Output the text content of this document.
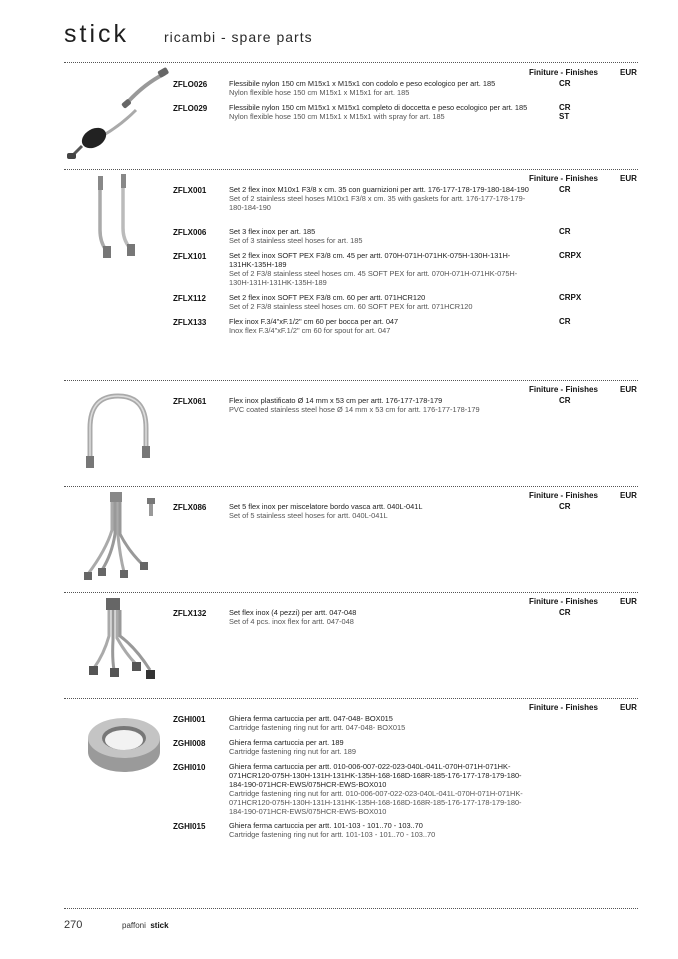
stick	ricambi - spare parts
Finiture - Finishes	EUR
ZFLO026	Flessibile nylon 150 cm M15x1 x M15x1 con codolo e peso ecologico per art. 185
Nylon flexible hose 150 cm M15x1 x M15x1 for art. 185
CR
ZFLO029	Flessibile nylon 150 cm M15x1 x M15x1 completo di doccetta e peso ecologico per art. 185
Nylon flexible hose 150 cm M15x1 x M15x1 with spray for art. 185
CR
ST
Finiture - Finishes	EUR
ZFLX001	Set 2 flex inox M10x1 F3/8 x cm. 35 con guarnizioni per artt. 176-177-178-179-180-184-190
Set of 2 stainless steel hoses M10x1 F3/8 x cm. 35 with gaskets for artt. 176-177-178-179-180-184-190
CR
ZFLX006	Set 3 flex inox per art. 185
Set of 3 stainless steel hoses for art. 185
CR
ZFLX101	Set 2 flex inox SOFT PEX F3/8 cm. 45 per artt. 070H-071H-071HK-075H-130H-131H-131HK-135H-189
Set of 2 F3/8 stainless steel hoses cm. 45 SOFT PEX for artt. 070H-071H-071HK-075H-130H-131H-131HK-135H-189
CRPX
ZFLX112	Set 2 flex inox SOFT PEX F3/8 cm. 60 per artt. 071HCR120
Set of 2 F3/8 stainless steel hoses cm. 60 SOFT PEX for artt. 071HCR120
CRPX
ZFLX133	Flex inox F.3/4"xF.1/2" cm 60 per bocca per art. 047
Inox flex F.3/4"xF.1/2" cm 60 for spout for art. 047
CR
Finiture - Finishes	EUR
ZFLX061	Flex inox plastificato Ø 14 mm x 53 cm per artt. 176-177-178-179
PVC coated stainless steel hose Ø 14 mm x 53 cm for artt. 176-177-178-179
CR
Finiture - Finishes	EUR
ZFLX086	Set 5 flex inox per miscelatore bordo vasca artt. 040L-041L
Set of 5 stainless steel hoses for artt. 040L-041L
CR
Finiture - Finishes	EUR
ZFLX132	Set flex inox (4 pezzi) per artt. 047-048
Set of 4 pcs. inox flex for artt. 047-048
CR
Finiture - Finishes	EUR
ZGHI001	Ghiera ferma cartuccia per artt. 047-048- BOX015
Cartridge fastening ring nut for artt. 047-048- BOX015
ZGHI008	Ghiera ferma cartuccia per art. 189
Cartridge fastening ring nut for art. 189
ZGHI010	Ghiera ferma cartuccia per artt. 010-006-007-022-023-040L-041L-070H-071H-071HK-071HCR120-075H-130H-131H-131HK-135H-168-168D-168R-185-176-177-178-179-180-184-190-071HCR-EWS/075HCR-EWS-BOX010
Cartridge fastening ring nut for artt. 010-006-007-022-023-040L-041L-070H-071H-071HK-071HCR120-075H-130H-131H-131HK-135H-168-168D-168R-185-176-177-178-179-180-184-190-071HCR-EWS/075HCR-EWS-BOX010
ZGHI015	Ghiera ferma cartuccia per artt. 101-103 - 101..70 - 103..70
Cartridge fastening ring nut for artt. 101-103 - 101..70 - 103..70
270	paffoni stick
